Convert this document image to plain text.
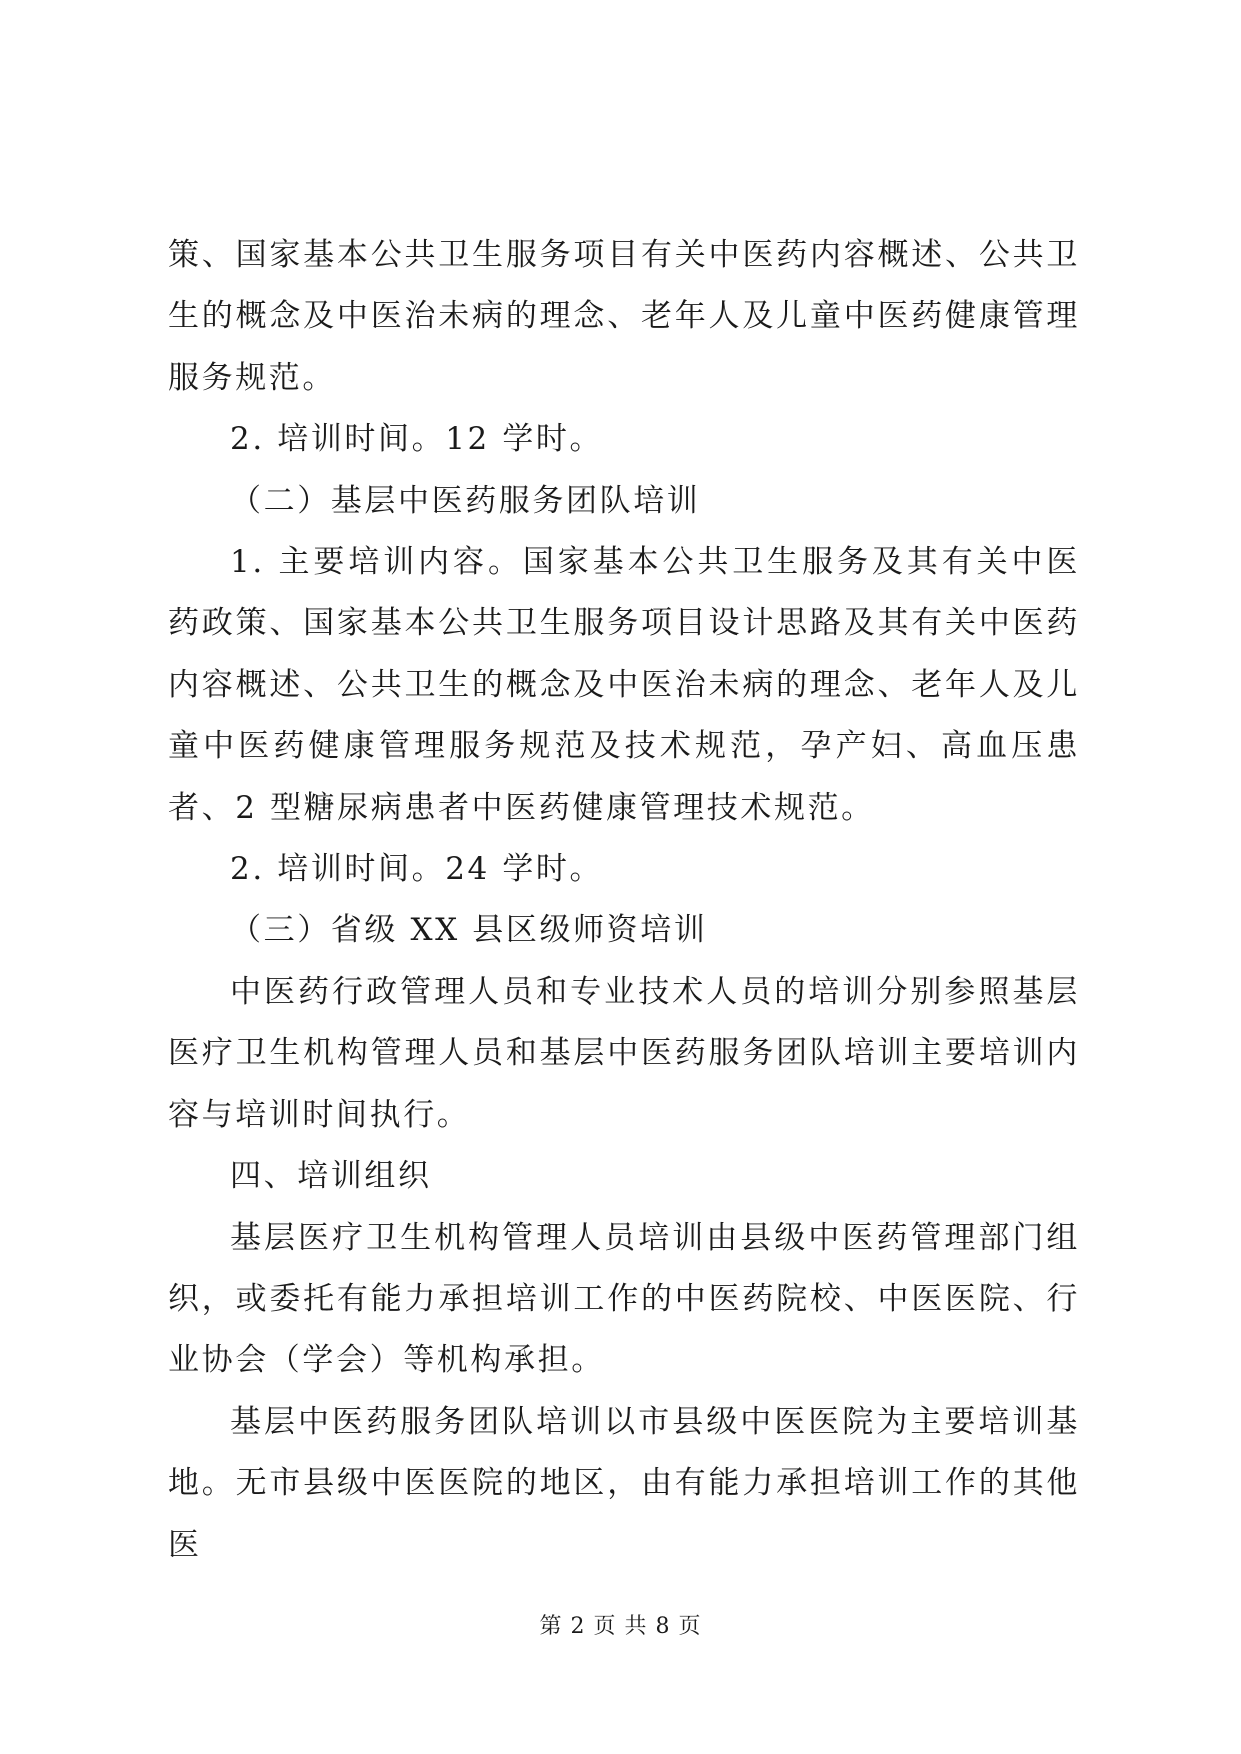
策、国家基本公共卫生服务项目有关中医药内容概述、公共卫生的概念及中医治未病的理念、老年人及儿童中医药健康管理服务规范。

2. 培训时间。12 学时。

（二）基层中医药服务团队培训

1. 主要培训内容。国家基本公共卫生服务及其有关中医药政策、国家基本公共卫生服务项目设计思路及其有关中医药内容概述、公共卫生的概念及中医治未病的理念、老年人及儿童中医药健康管理服务规范及技术规范，孕产妇、高血压患者、2 型糖尿病患者中医药健康管理技术规范。

2. 培训时间。24 学时。

（三）省级 XX 县区级师资培训

中医药行政管理人员和专业技术人员的培训分别参照基层医疗卫生机构管理人员和基层中医药服务团队培训主要培训内容与培训时间执行。

四、培训组织

基层医疗卫生机构管理人员培训由县级中医药管理部门组织，或委托有能力承担培训工作的中医药院校、中医医院、行业协会（学会）等机构承担。

基层中医药服务团队培训以市县级中医医院为主要培训基地。无市县级中医医院的地区，由有能力承担培训工作的其他医

第 2 页 共 8 页
